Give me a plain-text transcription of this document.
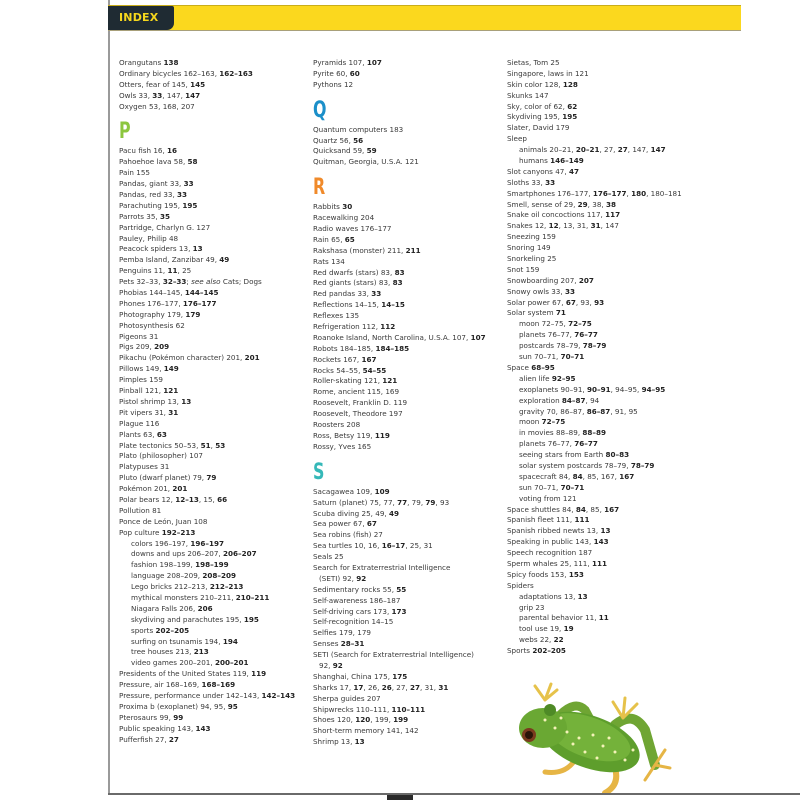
INDEX
Orangutans 138
Ordinary bicycles 162–163, 162–163
Otters, fear of 145, 145
Owls 33, 33, 147, 147
Oxygen 53, 168, 207
P
Pacu fish 16, 16
Pahoehoe lava 58, 58
Pain 155
Pandas, giant 33, 33
Pandas, red 33, 33
Parachuting 195, 195
Parrots 35, 35
Partridge, Charlyn G. 127
Pauley, Philip 48
Peacock spiders 13, 13
Pemba Island, Zanzibar 49, 49
Penguins 11, 11, 25
Pets 32–33, 32–33; see also Cats; Dogs
Phobias 144–145, 144–145
Phones 176–177, 176–177
Photography 179, 179
Photosynthesis 62
Pigeons 31
Pigs 209, 209
Pikachu (Pokémon character) 201, 201
Pillows 149, 149
Pimples 159
Pinball 121, 121
Pistol shrimp 13, 13
Pit vipers 31, 31
Plague 116
Plants 63, 63
Plate tectonics 50–53, 51, 53
Plato (philosopher) 107
Platypuses 31
Pluto (dwarf planet) 79, 79
Pokémon 201, 201
Polar bears 12, 12–13, 15, 66
Pollution 81
Ponce de León, Juan 108
Pop culture 192–213
colors 196–197, 196–197
downs and ups 206–207, 206–207
fashion 198–199, 198–199
language 208–209, 208–209
Lego bricks 212–213, 212–213
mythical monsters 210–211, 210–211
Niagara Falls 206, 206
skydiving and parachutes 195, 195
sports 202–205
surfing on tsunamis 194, 194
tree houses 213, 213
video games 200–201, 200–201
Presidents of the United States 119, 119
Pressure, air 168–169, 168–169
Pressure, performance under 142–143, 142–143
Proxima b (exoplanet) 94, 95, 95
Pterosaurs 99, 99
Public speaking 143, 143
Pufferfish 27, 27
Pyramids 107, 107
Pyrite 60, 60
Pythons 12
Q
Quantum computers 183
Quartz 56, 56
Quicksand 59, 59
Quitman, Georgia, U.S.A. 121
R
Rabbits 30
Racewalking 204
Radio waves 176–177
Rain 65, 65
Rakshasa (monster) 211, 211
Rats 134
Red dwarfs (stars) 83, 83
Red giants (stars) 83, 83
Red pandas 33, 33
Reflections 14–15, 14–15
Reflexes 135
Refrigeration 112, 112
Roanoke Island, North Carolina, U.S.A. 107, 107
Robots 184–185, 184–185
Rockets 167, 167
Rocks 54–55, 54–55
Roller-skating 121, 121
Rome, ancient 115, 169
Roosevelt, Franklin D. 119
Roosevelt, Theodore 197
Roosters 208
Ross, Betsy 119, 119
Rossy, Yves 165
S
Sacagawea 109, 109
Saturn (planet) 75, 77, 77, 79, 79, 93
Scuba diving 25, 49, 49
Sea power 67, 67
Sea robins (fish) 27
Sea turtles 10, 16, 16–17, 25, 31
Seals 25
Search for Extraterrestrial Intelligence
(SETI) 92, 92
Sedimentary rocks 55, 55
Self-awareness 186–187
Self-driving cars 173, 173
Self-recognition 14–15
Selfies 179, 179
Senses 28–31
SETI (Search for Extraterrestrial Intelligence)
92, 92
Shanghai, China 175, 175
Sharks 17, 17, 26, 26, 27, 27, 31, 31
Sherpa guides 207
Shipwrecks 110–111, 110–111
Shoes 120, 120, 199, 199
Short-term memory 141, 142
Shrimp 13, 13
Sietas, Tom 25
Singapore, laws in 121
Skin color 128, 128
Skunks 147
Sky, color of 62, 62
Skydiving 195, 195
Slater, David 179
Sleep
animals 20–21, 20–21, 27, 27, 147, 147
humans 146–149
Slot canyons 47, 47
Sloths 33, 33
Smartphones 176–177, 176–177, 180, 180–181
Smell, sense of 29, 29, 38, 38
Snake oil concoctions 117, 117
Snakes 12, 12, 13, 31, 31, 147
Sneezing 159
Snoring 149
Snorkeling 25
Snot 159
Snowboarding 207, 207
Snowy owls 33, 33
Solar power 67, 67, 93, 93
Solar system 71
moon 72–75, 72–75
planets 76–77, 76–77
postcards 78–79, 78–79
sun 70–71, 70–71
Space 68–95
alien life 92–95
exoplanets 90–91, 90–91, 94–95, 94–95
exploration 84–87, 94
gravity 70, 86–87, 86–87, 91, 95
moon 72–75
in movies 88–89, 88–89
planets 76–77, 76–77
seeing stars from Earth 80–83
solar system postcards 78–79, 78–79
spacecraft 84, 84, 85, 167, 167
sun 70–71, 70–71
voting from 121
Space shuttles 84, 84, 85, 167
Spanish fleet 111, 111
Spanish ribbed newts 13, 13
Speaking in public 143, 143
Speech recognition 187
Sperm whales 25, 111, 111
Spicy foods 153, 153
Spiders
adaptations 13, 13
grip 23
parental behavior 11, 11
tool use 19, 19
webs 22, 22
Sports 202–205
